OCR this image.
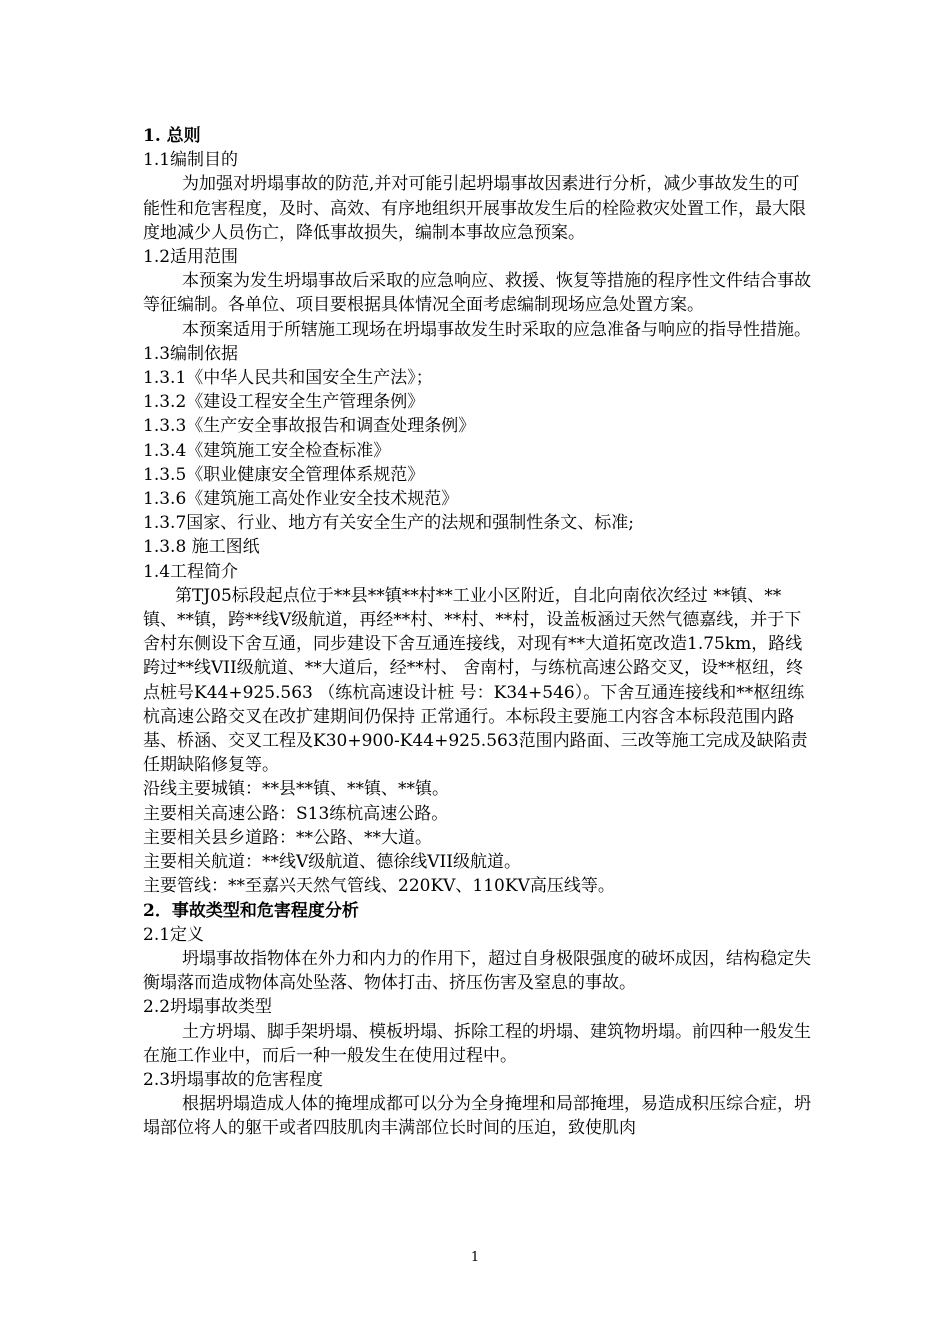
1. 总则

1.1编制目的

为加强对坍塌事故的防范,并对可能引起坍塌事故因素进行分析，减少事故发生的可能性和危害程度，及时、高效、有序地组织开展事故发生后的栓险救灾处置工作，最大限度地减少人员伤亡，降低事故损失，编制本事故应急预案。

1.2适用范围

本预案为发生坍塌事故后采取的应急响应、救援、恢复等措施的程序性文件结合事故等征编制。各单位、项目要根据具体情况全面考虑编制现场应急处置方案。

本预案适用于所辖施工现场在坍塌事故发生时采取的应急准备与响应的指导性措施。

1.3编制依据

1.3.1《中华人民共和国安全生产法》；

1.3.2《建设工程安全生产管理条例》

1.3.3《生产安全事故报告和调查处理条例》

1.3.4《建筑施工安全检查标准》

1.3.5《职业健康安全管理体系规范》

1.3.6《建筑施工高处作业安全技术规范》

1.3.7国家、行业、地方有关安全生产的法规和强制性条文、标准;

1.3.8 施工图纸

1.4工程简介

第TJ05标段起点位于**县**镇**村**工业小区附近，自北向南依次经过 **镇、**镇、**镇，跨**线Ⅴ级航道，再经**村、**村、**村，设盖板涵过天然气德嘉线，并于下舍村东侧设下舍互通，同步建设下舍互通连接线，对现有**大道拓宽改造1.75km，路线跨过**线VII级航道、**大道后，经**村、 舍南村，与练杭高速公路交叉，设**枢纽，终点桩号K44+925.563 （练杭高速设计桩 号：K34+546）。下舍互通连接线和**枢纽练杭高速公路交叉在改扩建期间仍保持 正常通行。本标段主要施工内容含本标段范围内路基、桥涵、交叉工程及K30+900-K44+925.563范围内路面、三改等施工完成及缺陷责任期缺陷修复等。

沿线主要城镇：**县**镇、**镇、**镇。

主要相关高速公路：S13练杭高速公路。

主要相关县乡道路：**公路、**大道。

主要相关航道：**线Ⅴ级航道、德徐线VII级航道。

主要管线：**至嘉兴天然气管线、220KV、110KV高压线等。

2．事故类型和危害程度分析

2.1定义

坍塌事故指物体在外力和内力的作用下，超过自身极限强度的破坏成因，结构稳定失衡塌落而造成物体高处坠落、物体打击、挤压伤害及窒息的事故。

2.2坍塌事故类型

土方坍塌、脚手架坍塌、模板坍塌、拆除工程的坍塌、建筑物坍塌。前四种一般发生在施工作业中，而后一种一般发生在使用过程中。

2.3坍塌事故的危害程度

根据坍塌造成人体的掩埋成都可以分为全身掩埋和局部掩埋，易造成积压综合症，坍塌部位将人的躯干或者四肢肌肉丰满部位长时间的压迫，致使肌肉

1
